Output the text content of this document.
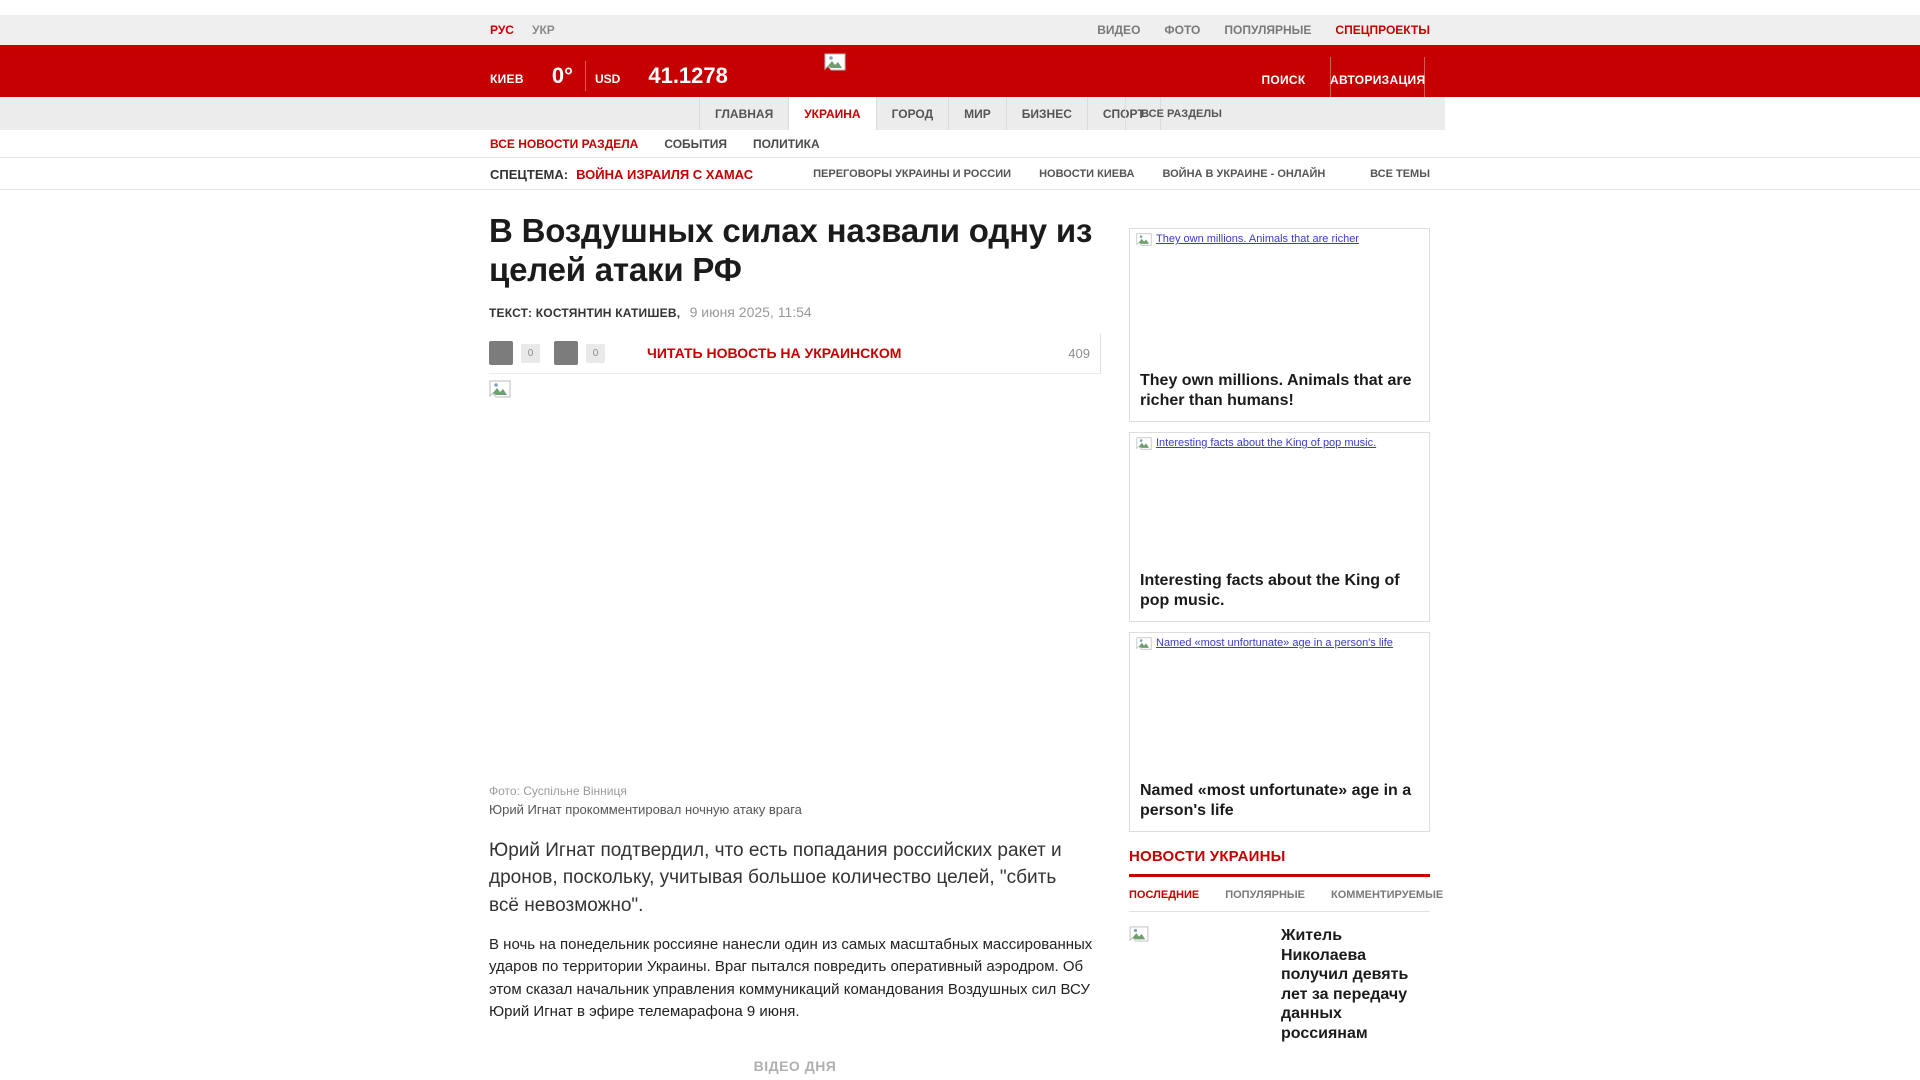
РУС УКР	ВИДЕО ФОТО ПОПУЛЯРНЫЕ СПЕЦПРОЕКТЫ
КИЕВ 0° USD 41.1278	ПОИСК	АВТОРИЗАЦИЯ
ГЛАВНАЯ	УКРАИНА	ГОРОД	МИР	БИЗНЕС	СПОРТ
ВСЕ РАЗДЕЛЫ
ВСЕ НОВОСТИ РАЗДЕЛА СОБЫТИЯ ПОЛИТИКА
СПЕЦТЕМА: ВОЙНА ИЗРАИЛЯ С ХАМАС	ПЕРЕГОВОРЫ УКРАИНЫ И РОССИИ	НОВОСТИ КИЕВА	ВОЙНА В УКРАИНЕ - ОНЛАЙН	ВСЕ ТЕМЫ
В Воздушных силах назвали одну из целей атаки РФ
ТЕКСТ: КОСТЯНТИН КАТИШЕВ, 9 июня 2025, 11:54
0	0	ЧИТАТЬ НОВОСТЬ НА УКРАИНСКОМ	409
Фото: Суспільне Вінниця
Юрий Игнат прокомментировал ночную атаку врага
Юрий Игнат подтвердил, что есть попадания российских ракет и дронов, поскольку, учитывая большое количество целей, "сбить всё невозможно".
В ночь на понедельник россияне нанесли один из самых масштабных массированных ударов по территории Украины. Враг пытался повредить оперативный аэродром. Об этом сказал начальник управления коммуникаций командования Воздушных сил ВСУ Юрий Игнат в эфире телемарафона 9 июня.
ВІДЕО ДНЯ
They own millions. Animals that are richer
They own millions. Animals that are richer than humans!
Interesting facts about the King of pop music.
Interesting facts about the King of pop music.
Named «most unfortunate» age in a person's life
Named «most unfortunate» age in a person's life
НОВОСТИ УКРАИНЫ
ПОСЛЕДНИЕ ПОПУЛЯРНЫЕ КОММЕНТИРУЕМЫЕ
Житель Николаева получил девять лет за передачу данных россиянам
